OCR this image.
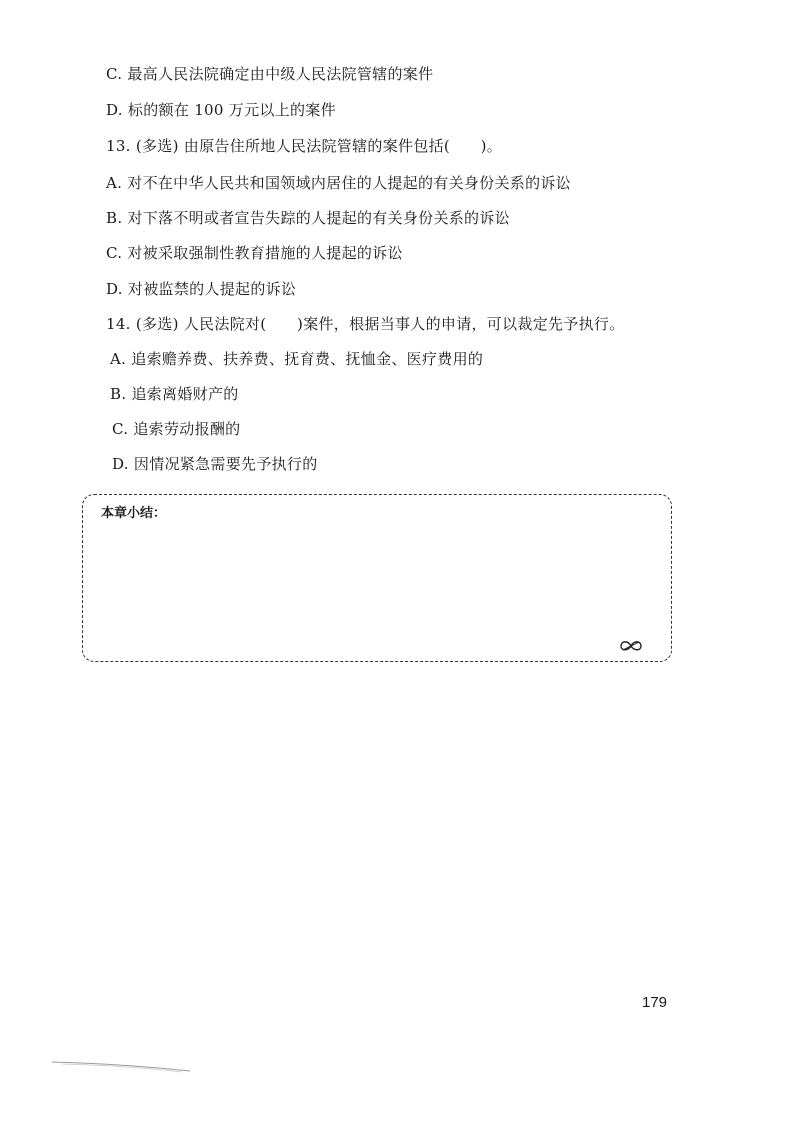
C. 最高人民法院确定由中级人民法院管辖的案件
D. 标的额在 100 万元以上的案件
13. (多选) 由原告住所地人民法院管辖的案件包括(　　)。
A. 对不在中华人民共和国领域内居住的人提起的有关身份关系的诉讼
B. 对下落不明或者宣告失踪的人提起的有关身份关系的诉讼
C. 对被采取强制性教育措施的人提起的诉讼
D. 对被监禁的人提起的诉讼
14. (多选) 人民法院对(　　)案件，根据当事人的申请，可以裁定先予执行。
A. 追索赡养费、扶养费、抚育费、抚恤金、医疗费用的
B. 追索离婚财产的
C. 追索劳动报酬的
D. 因情况紧急需要先予执行的
本章小结：
179
